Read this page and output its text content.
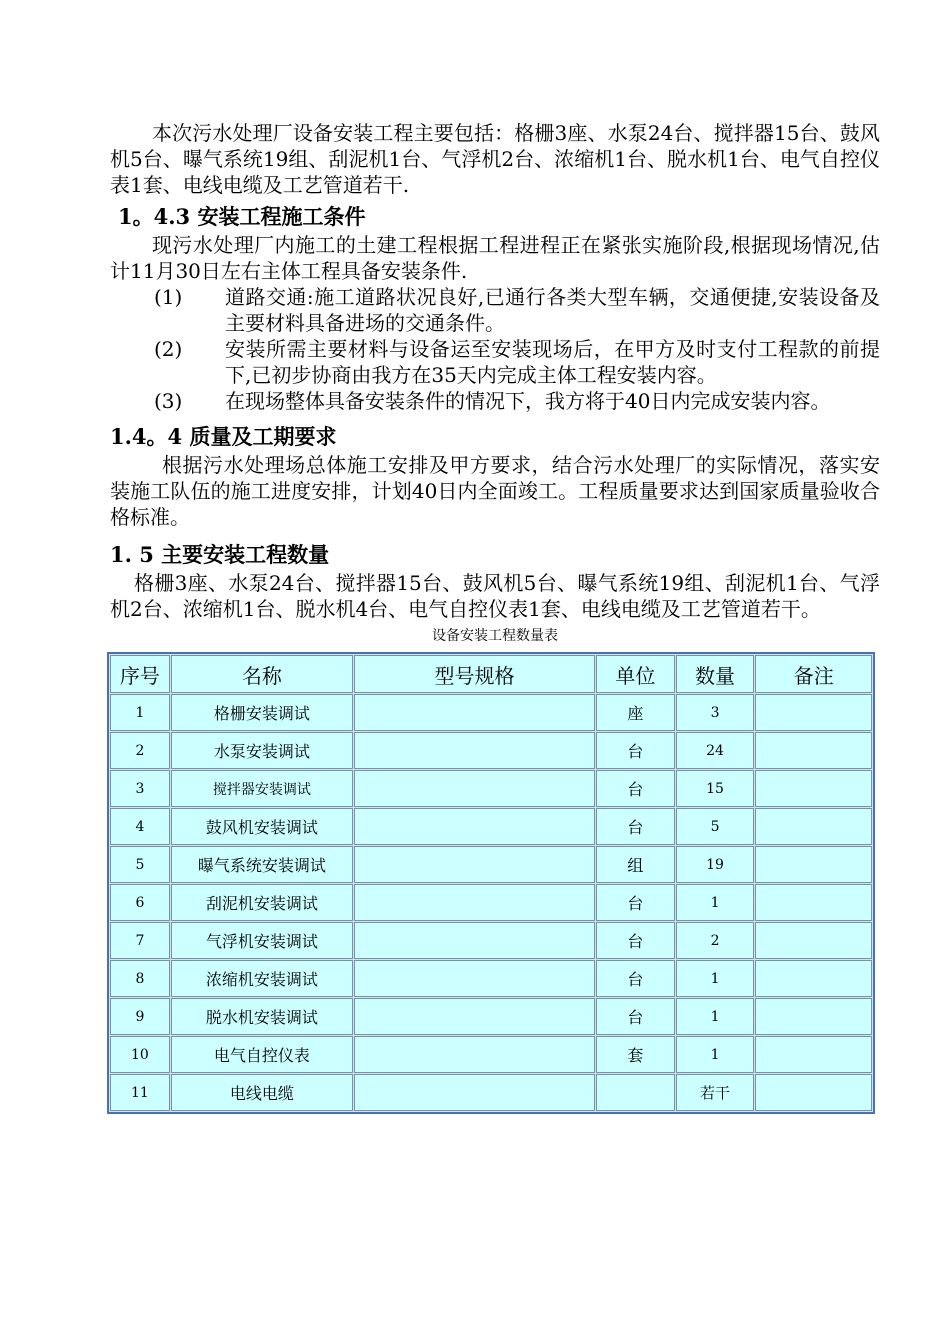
本次污水处理厂设备安装工程主要包括：格栅3座、水泵24台、搅拌器15台、鼓风机5台、曝气系统19组、刮泥机1台、气浮机2台、浓缩机1台、脱水机1台、电气自控仪表1套、电线电缆及工艺管道若干.

1。4.3 安装工程施工条件

现污水处理厂内施工的土建工程根据工程进程正在紧张实施阶段,根据现场情况,估计11月30日左右主体工程具备安装条件.

(1)	道路交通:施工道路状况良好,已通行各类大型车辆，交通便捷,安装设备及主要材料具备进场的交通条件。
(2)	安装所需主要材料与设备运至安装现场后，在甲方及时支付工程款的前提下,已初步协商由我方在35天内完成主体工程安装内容。
(3)	在现场整体具备安装条件的情况下，我方将于40日内完成安装内容。
1.4。4 质量及工期要求

根据污水处理场总体施工安排及甲方要求，结合污水处理厂的实际情况，落实安装施工队伍的施工进度安排，计划40日内全面竣工。工程质量要求达到国家质量验收合格标准。

1. 5 主要安装工程数量

格栅3座、水泵24台、搅拌器15台、鼓风机5台、曝气系统19组、刮泥机1台、气浮机2台、浓缩机1台、脱水机4台、电气自控仪表1套、电线电缆及工艺管道若干。

设备安装工程数量表
序号	名称	型号规格	单位	数量	备注
1	格栅安装调试		座	3	
2	水泵安装调试		台	24	
3	搅拌器安装调试		台	15	
4	鼓风机安装调试		台	5	
5	曝气系统安装调试		组	19	
6	刮泥机安装调试		台	1	
7	气浮机安装调试		台	2	
8	浓缩机安装调试		台	1	
9	脱水机安装调试		台	1	
10	电气自控仪表		套	1	
11	电线电缆			若干	
